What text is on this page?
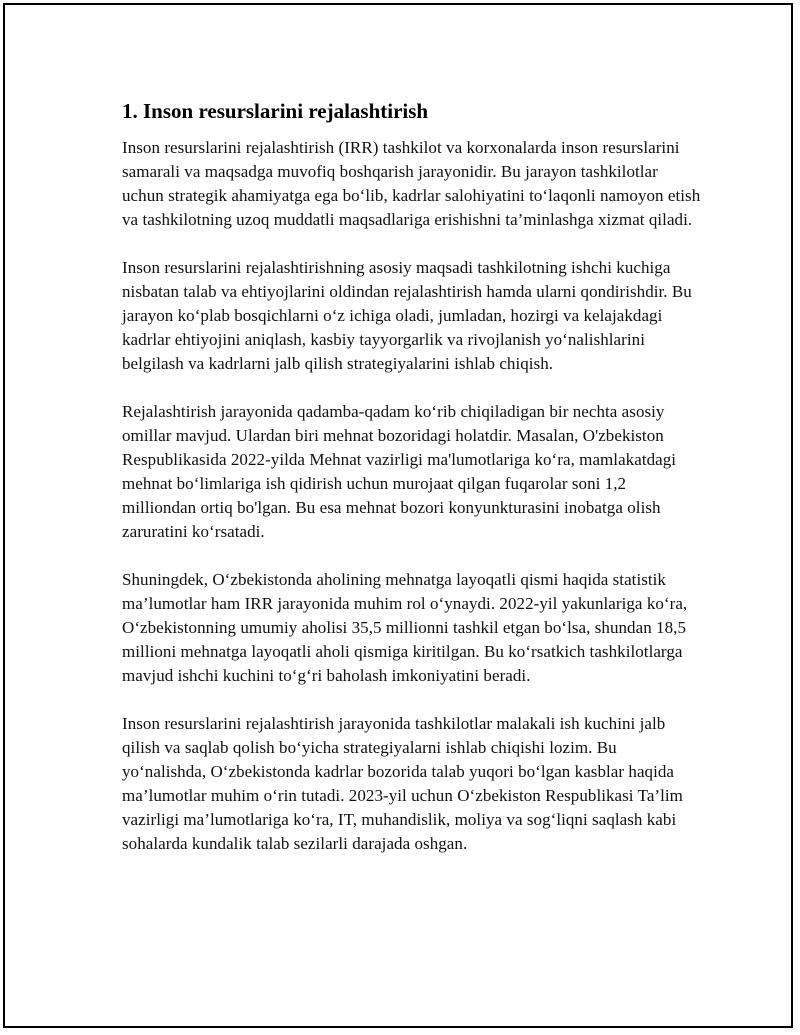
1. Inson resurslarini rejalashtirish

Inson resurslarini rejalashtirish (IRR) tashkilot va korxonalarda inson resurslarini samarali va maqsadga muvofiq boshqarish jarayonidir. Bu jarayon tashkilotlar uchun strategik ahamiyatga ega bo‘lib, kadrlar salohiyatini to‘laqonli namoyon etish va tashkilotning uzoq muddatli maqsadlariga erishishni ta’minlashga xizmat qiladi.

Inson resurslarini rejalashtirishning asosiy maqsadi tashkilotning ishchi kuchiga nisbatan talab va ehtiyojlarini oldindan rejalashtirish hamda ularni qondirishdir. Bu jarayon ko‘plab bosqichlarni o‘z ichiga oladi, jumladan, hozirgi va kelajakdagi kadrlar ehtiyojini aniqlash, kasbiy tayyorgarlik va rivojlanish yo‘nalishlarini belgilash va kadrlarni jalb qilish strategiyalarini ishlab chiqish.

Rejalashtirish jarayonida qadamba-qadam ko‘rib chiqiladigan bir nechta asosiy omillar mavjud. Ulardan biri mehnat bozoridagi holatdir. Masalan, O'zbekiston Respublikasida 2022-yilda Mehnat vazirligi ma'lumotlariga ko‘ra, mamlakatdagi mehnat bo‘limlariga ish qidirish uchun murojaat qilgan fuqarolar soni 1,2 milliondan ortiq bo'lgan. Bu esa mehnat bozori konyunkturasini inobatga olish zaruratini ko‘rsatadi.

Shuningdek, O‘zbekistonda aholining mehnatga layoqatli qismi haqida statistik ma’lumotlar ham IRR jarayonida muhim rol o‘ynaydi. 2022-yil yakunlariga ko‘ra, O‘zbekistonning umumiy aholisi 35,5 millionni tashkil etgan bo‘lsa, shundan 18,5 millioni mehnatga layoqatli aholi qismiga kiritilgan. Bu ko‘rsatkich tashkilotlarga mavjud ishchi kuchini to‘g‘ri baholash imkoniyatini beradi.

Inson resurslarini rejalashtirish jarayonida tashkilotlar malakali ish kuchini jalb qilish va saqlab qolish bo‘yicha strategiyalarni ishlab chiqishi lozim. Bu yo‘nalishda, O‘zbekistonda kadrlar bozorida talab yuqori bo‘lgan kasblar haqida ma’lumotlar muhim o‘rin tutadi. 2023-yil uchun O‘zbekiston Respublikasi Ta’lim vazirligi ma’lumotlariga ko‘ra, IT, muhandislik, moliya va sog‘liqni saqlash kabi sohalarda kundalik talab sezilarli darajada oshgan.
